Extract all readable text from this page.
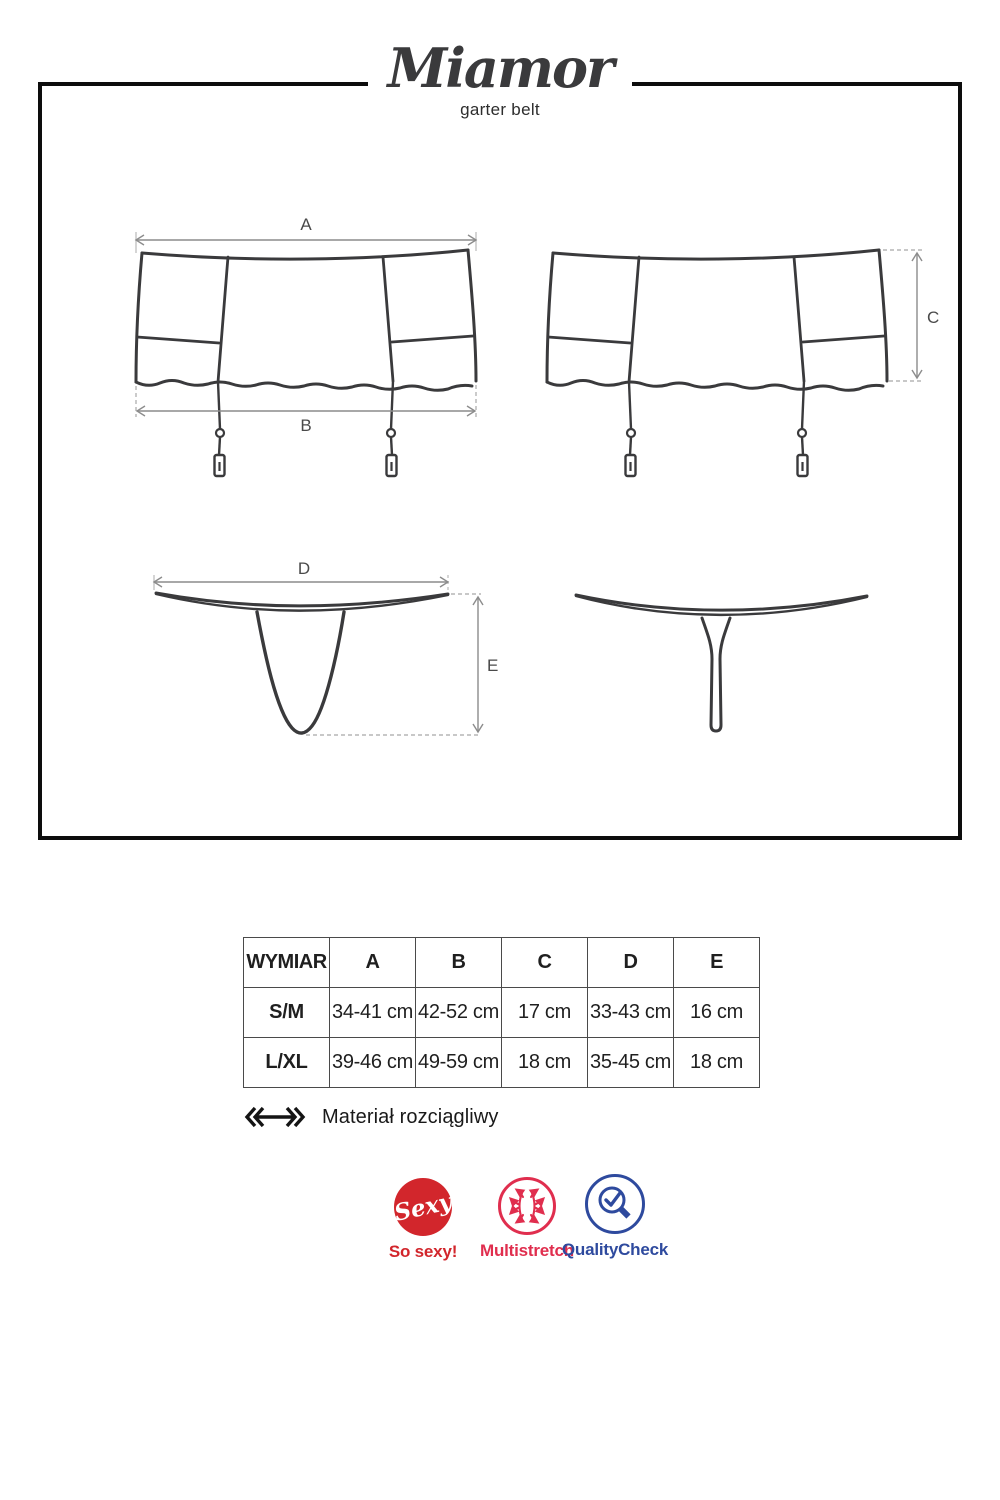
Miamor
garter belt
A
B
C
D
E
WYMIAR	A	B	C	D	E
S/M	34-41 cm	42-52 cm	17 cm	33-43 cm	16 cm
L/XL	39-46 cm	49-59 cm	18 cm	35-45 cm	18 cm
Materiał rozciągliwy
Sexy
So sexy! Multistretch
QualityCheck
